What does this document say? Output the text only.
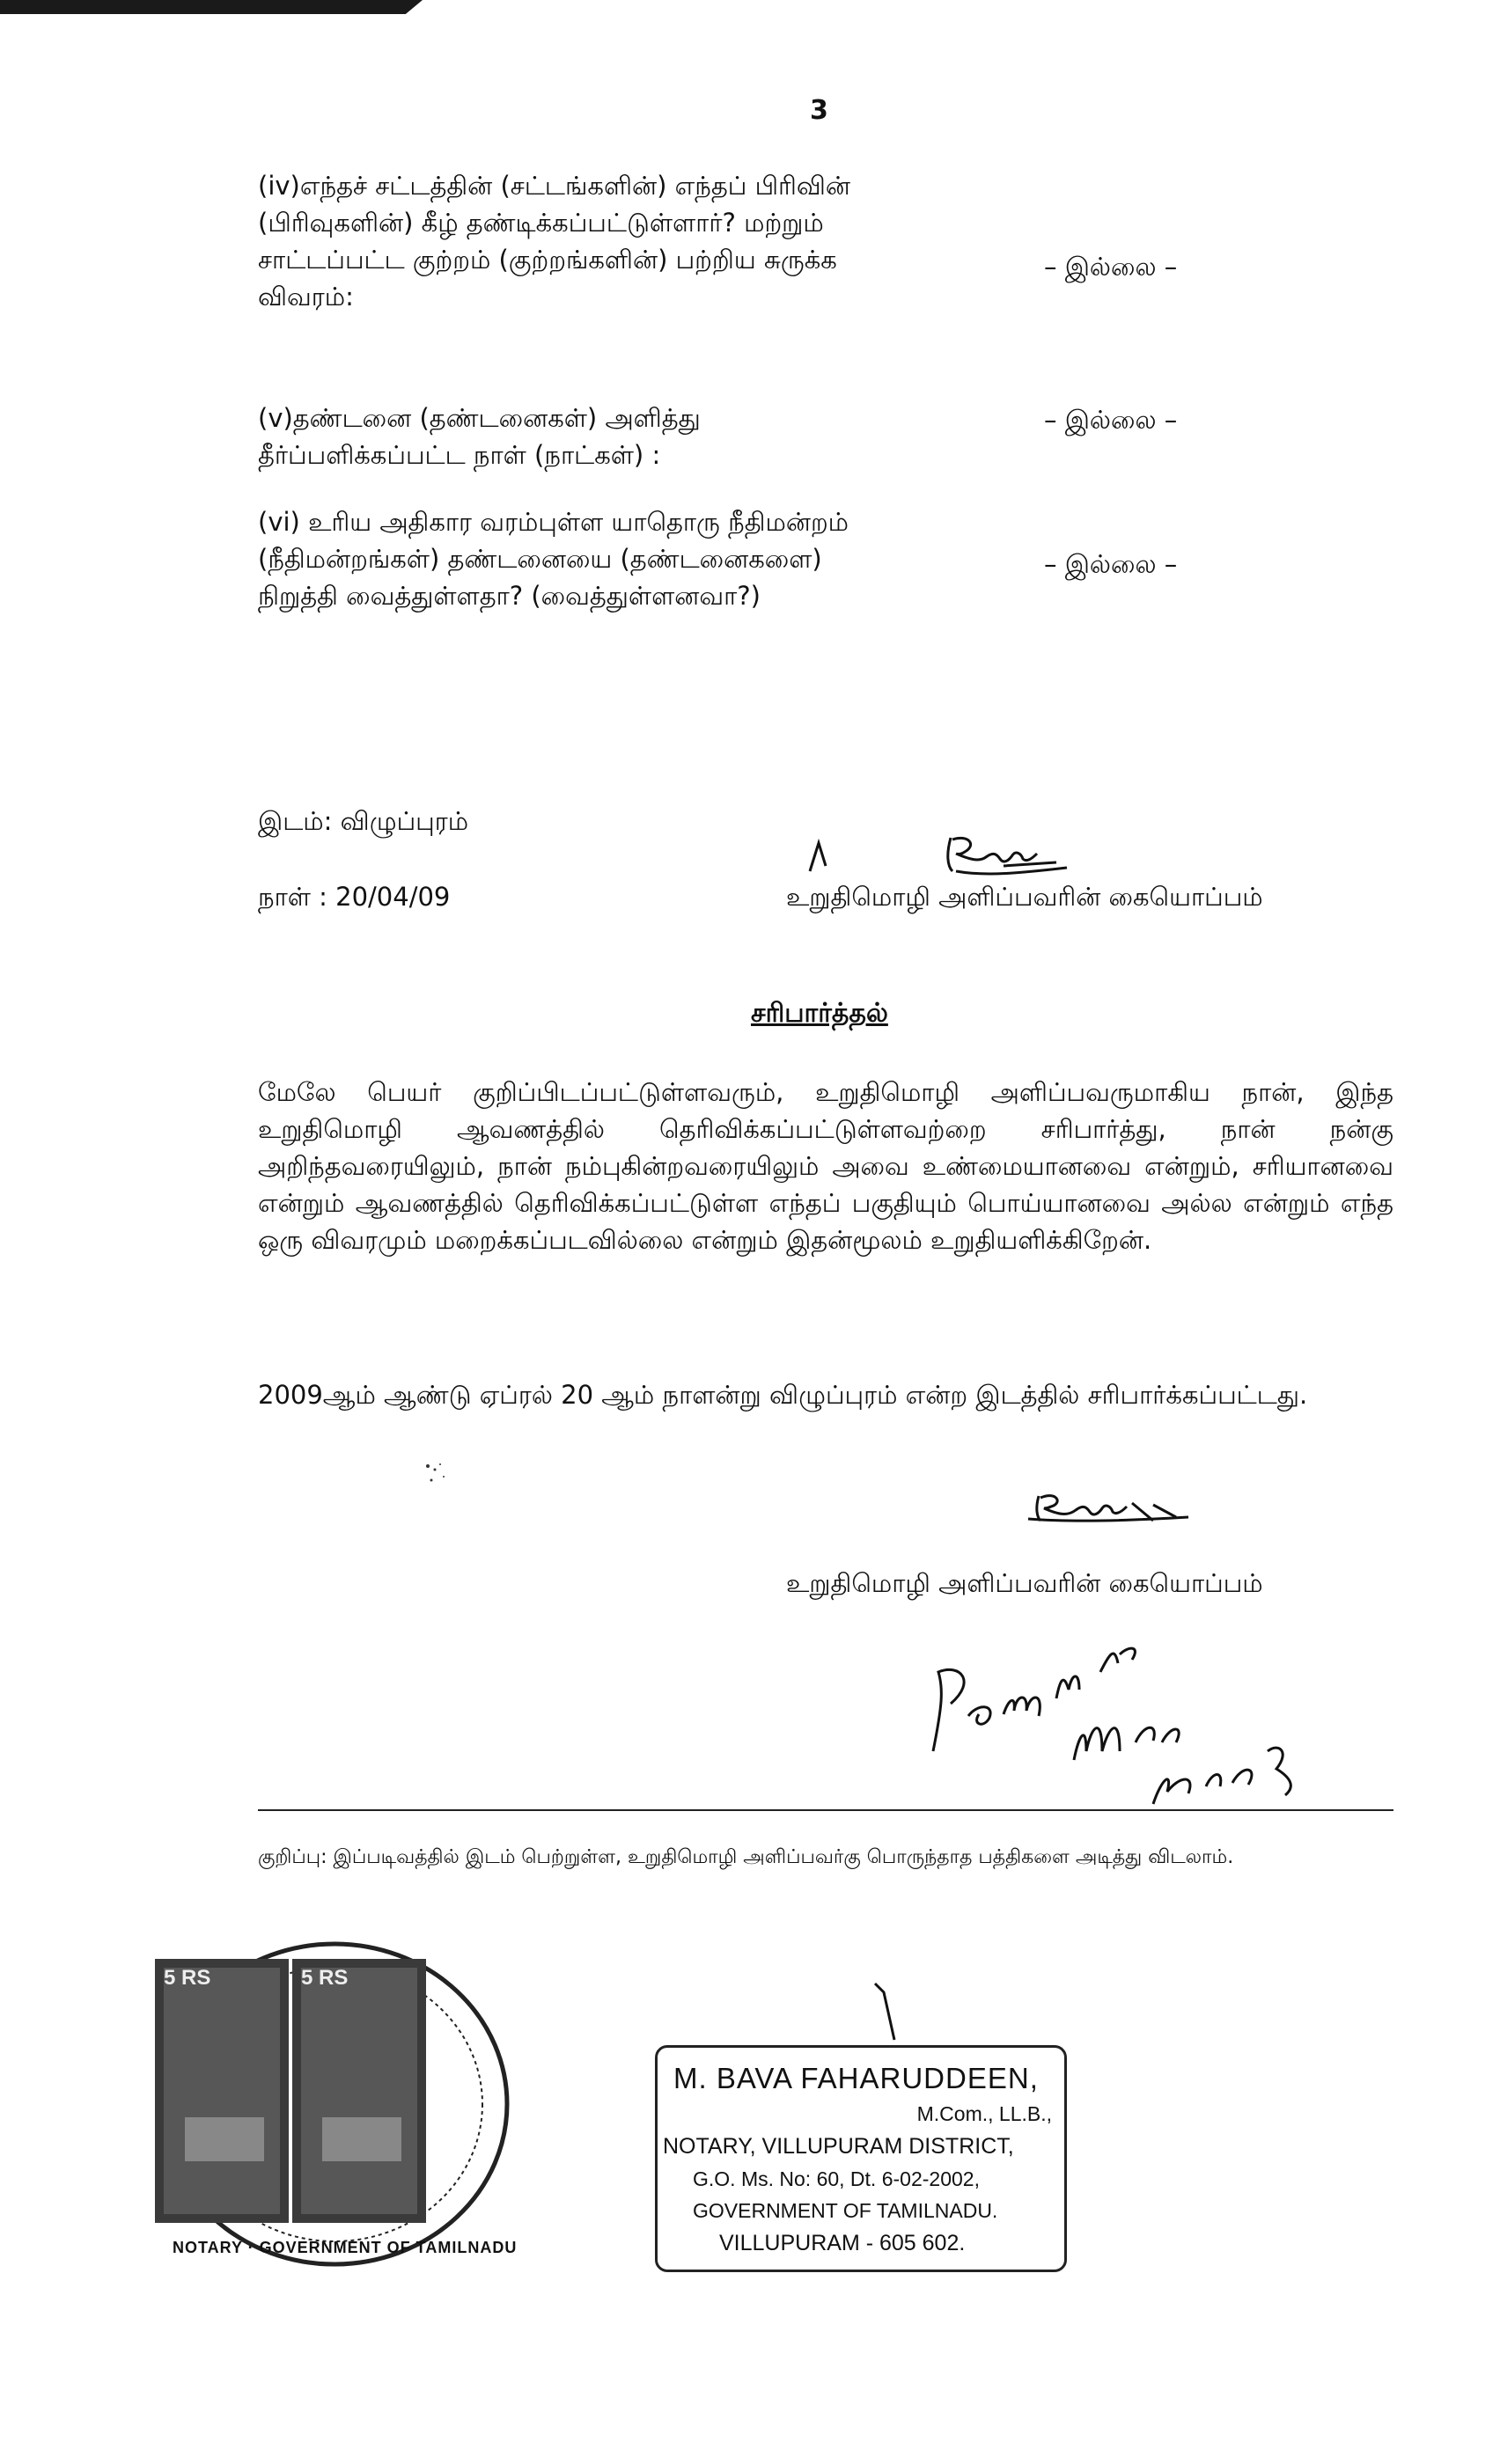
3
(iv)எந்தச் சட்டத்தின் (சட்டங்களின்) எந்தப் பிரிவின் (பிரிவுகளின்) கீழ் தண்டிக்கப்பட்டுள்ளார்? மற்றும் சாட்டப்பட்ட குற்றம் (குற்றங்களின்) பற்றிய சுருக்க விவரம்:
– இல்லை –
(v)தண்டனை (தண்டனைகள்) அளித்து தீர்ப்பளிக்கப்பட்ட நாள் (நாட்கள்) :
– இல்லை –
(vi) உரிய அதிகார வரம்புள்ள யாதொரு நீதிமன்றம் (நீதிமன்றங்கள்) தண்டனையை (தண்டனைகளை) நிறுத்தி வைத்துள்ளதா? (வைத்துள்ளனவா?)
– இல்லை –
இடம்: விழுப்புரம்
நாள் : 20/04/09	உறுதிமொழி அளிப்பவரின் கையொப்பம்
சரிபார்த்தல்
மேலே பெயர் குறிப்பிடப்பட்டுள்ளவரும், உறுதிமொழி அளிப்பவருமாகிய நான், இந்த உறுதிமொழி ஆவணத்தில் தெரிவிக்கப்பட்டுள்ளவற்றை சரிபார்த்து, நான் நன்கு அறிந்தவரையிலும், நான் நம்புகின்றவரையிலும் அவை உண்மையானவை என்றும், சரியானவை என்றும் ஆவணத்தில் தெரிவிக்கப்பட்டுள்ள எந்தப் பகுதியும் பொய்யானவை அல்ல என்றும் எந்த ஒரு விவரமும் மறைக்கப்படவில்லை என்றும் இதன்மூலம் உறுதியளிக்கிறேன்.
2009ஆம் ஆண்டு ஏப்ரல் 20 ஆம் நாளன்று விழுப்புரம் என்ற இடத்தில் சரிபார்க்கப்பட்டது.
உறுதிமொழி அளிப்பவரின் கையொப்பம்
குறிப்பு: இப்படிவத்தில் இடம் பெற்றுள்ள, உறுதிமொழி அளிப்பவர்கு பொருந்தாத பத்திகளை அடித்து விடலாம்.
5 RS	5 RS
NOTARY · GOVERNMENT OF TAMILNADU
M. BAVA FAHARUDDEEN,
M.Com., LL.B.,
NOTARY, VILLUPURAM DISTRICT,
G.O. Ms. No: 60, Dt. 6-02-2002,
GOVERNMENT OF TAMILNADU.
VILLUPURAM - 605 602.
